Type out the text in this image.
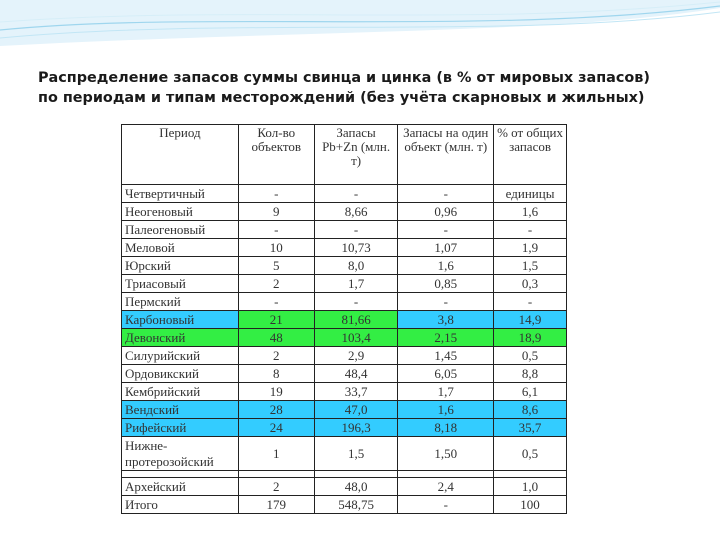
Распределение запасов суммы свинца и цинка (в % от мировых запасов)
по периодам и типам месторождений (без учёта скарновых и жильных)
Период	Кол-во объектов	Запасы Pb+Zn (млн. т)	Запасы на один объект (млн. т)	% от общих запасов
Четвертичный	-	-	-	единицы
Неогеновый	9	8,66	0,96	1,6
Палеогеновый	-	-	-	-
Меловой	10	10,73	1,07	1,9
Юрский	5	8,0	1,6	1,5
Триасовый	2	1,7	0,85	0,3
Пермский	-	-	-	-
Карбоновый	21	81,66	3,8	14,9
Девонский	48	103,4	2,15	18,9
Силурийский	2	2,9	1,45	0,5
Ордовикский	8	48,4	6,05	8,8
Кембрийский	19	33,7	1,7	6,1
Вендский	28	47,0	1,6	8,6
Рифейский	24	196,3	8,18	35,7
Нижне-протерозойский	1	1,5	1,50	0,5

Архейский	2	48,0	2,4	1,0
Итого	179	548,75	-	100
